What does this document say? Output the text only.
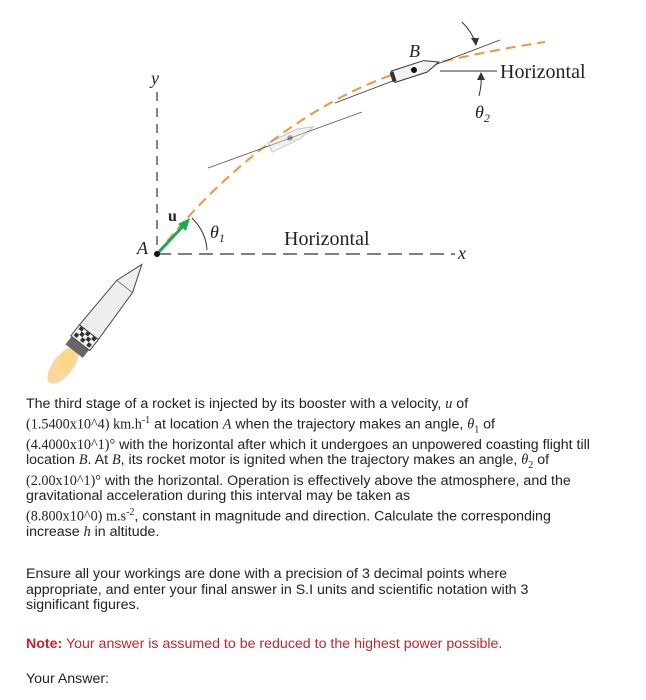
y
x
Horizontal
Horizontal
B
$\theta_2$
u
$\theta_1$
A
The third stage of a rocket is injected by its booster with a velocity, u of
(1.5400x10^4) $km.h^{-1}$ at location A when the trajectory makes an angle, $\theta_1$ of
(4.4000x10^1)° with the horizontal after which it undergoes an unpowered coasting flight till location B. At B, its rocket motor is ignited when the trajectory makes an angle, $\theta_2$ of (2.00x10^1)° with the horizontal. Operation is effectively above the atmosphere, and the gravitational acceleration during this interval may be taken as
(8.800x10^0) $m.s^{-2}$, constant in magnitude and direction. Calculate the corresponding increase h in altitude.
Ensure all your workings are done with a precision of 3 decimal points where appropriate, and enter your final answer in S.I units and scientific notation with 3 significant figures.
Note: Your answer is assumed to be reduced to the highest power possible.
Your Answer:
